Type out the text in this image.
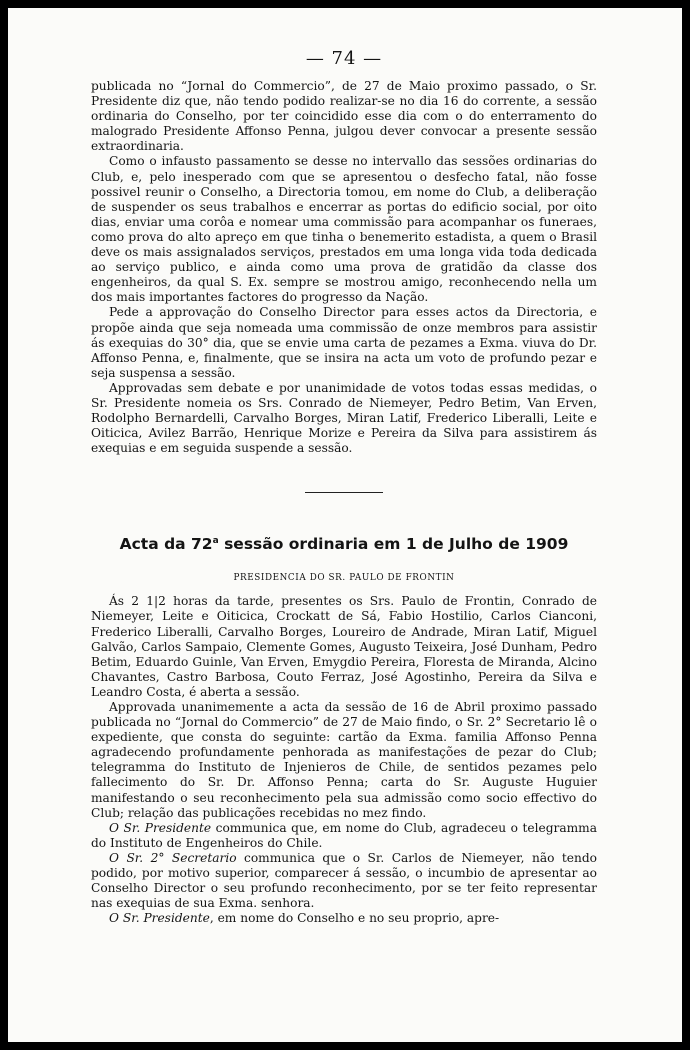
— 74 —

publicada no “Jornal do Commercio”, de 27 de Maio proximo passado, o Sr. Presidente diz que, não tendo podido realizar-se no dia 16 do corrente, a sessão ordinaria do Conselho, por ter coincidido esse dia com o do enterramento do malogrado Presidente Affonso Penna, julgou dever convocar a presente sessão extraordinaria.

Como o infausto passamento se desse no intervallo das sessões ordinarias do Club, e, pelo inesperado com que se apresentou o desfecho fatal, não fosse possivel reunir o Conselho, a Directoria tomou, em nome do Club, a deliberação de suspender os seus trabalhos e encerrar as portas do edificio social, por oito dias, enviar uma corôa e nomear uma commissão para acompanhar os funeraes, como prova do alto apreço em que tinha o benemerito estadista, a quem o Brasil deve os mais assignalados serviços, prestados em uma longa vida toda dedicada ao serviço publico, e ainda como uma prova de gratidão da classe dos engenheiros, da qual S. Ex. sempre se mostrou amigo, reconhecendo nella um dos mais importantes factores do progresso da Nação.

Pede a approvação do Conselho Director para esses actos da Directoria, e propõe ainda que seja nomeada uma commissão de onze membros para assistir ás exequias do 30° dia, que se envie uma carta de pezames a Exma. viuva do Dr. Affonso Penna, e, finalmente, que se insira na acta um voto de profundo pezar e seja suspensa a sessão.

Approvadas sem debate e por unanimidade de votos todas essas medidas, o Sr. Presidente nomeia os Srs. Conrado de Niemeyer, Pedro Betim, Van Erven, Rodolpho Bernardelli, Carvalho Borges, Miran Latif, Frederico Liberalli, Leite e Oiticica, Avilez Barrão, Henrique Morize e Pereira da Silva para assistirem ás exequias e em seguida suspende a sessão.

Acta da 72$^a$ sessão ordinaria em 1 de Julho de 1909
PRESIDENCIA DO SR. PAULO DE FRONTIN

Ás 2 1|2 horas da tarde, presentes os Srs. Paulo de Frontin, Conrado de Niemeyer, Leite e Oiticica, Crockatt de Sá, Fabio Hostilio, Carlos Cianconi, Frederico Liberalli, Carvalho Borges, Loureiro de Andrade, Miran Latif, Miguel Galvão, Carlos Sampaio, Clemente Gomes, Augusto Teixeira, José Dunham, Pedro Betim, Eduardo Guinle, Van Erven, Emygdio Pereira, Floresta de Miranda, Alcino Chavantes, Castro Barbosa, Couto Ferraz, José Agostinho, Pereira da Silva e Leandro Costa, é aberta a sessão.

Approvada unanimemente a acta da sessão de 16 de Abril proximo passado publicada no “Jornal do Commercio” de 27 de Maio findo, o Sr. 2° Secretario lê o expediente, que consta do seguinte: cartão da Exma. familia Affonso Penna agradecendo profundamente penhorada as manifestações de pezar do Club; telegramma do Instituto de Injenieros de Chile, de sentidos pezames pelo fallecimento do Sr. Dr. Affonso Penna; carta do Sr. Auguste Huguier manifestando o seu reconhecimento pela sua admissão como socio effectivo do Club; relação das publicações recebidas no mez findo.

O Sr. Presidente communica que, em nome do Club, agradeceu o telegramma do Instituto de Engenheiros do Chile.

O Sr. 2° Secretario communica que o Sr. Carlos de Niemeyer, não tendo podido, por motivo superior, comparecer á sessão, o incumbio de apresentar ao Conselho Director o seu profundo reconhecimento, por se ter feito representar nas exequias de sua Exma. senhora.

O Sr. Presidente, em nome do Conselho e no seu proprio, apre-
